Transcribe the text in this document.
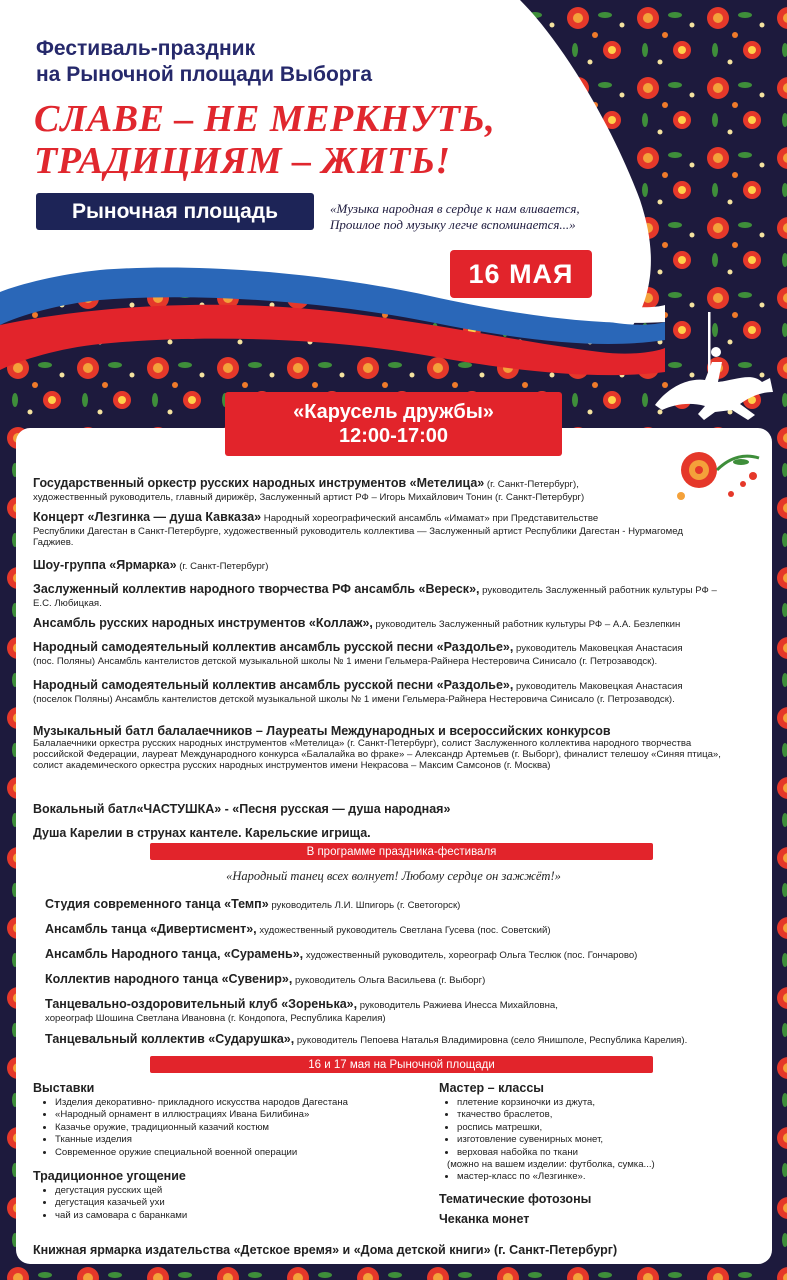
Фестиваль-праздник
на Рыночной площади Выборга
СЛАВЕ – НЕ МЕРКНУТЬ,
ТРАДИЦИЯМ – ЖИТЬ!
Рыночная площадь	«Музыка народная в сердце к нам вливается,
Прошлое под музыку легче вспоминается...»
16 МАЯ
«Карусель дружбы»
12:00-17:00
Государственный оркестр русских народных инструментов «Метелица» (г. Санкт-Петербург),
художественный руководитель, главный дирижёр, Заслуженный артист РФ – Игорь Михайлович Тонин (г. Санкт-Петербург)
Концерт «Лезгинка — душа Кавказа» Народный хореографический ансамбль «Имамат» при Представительстве
Республики Дагестан в Санкт-Петербурге, художественный руководитель коллектива — Заслуженный артист Республики Дагестан - Нурмагомед Гаджиев.
Шоу-группа «Ярмарка» (г. Санкт-Петербург)
Заслуженный коллектив народного творчества РФ ансамбль «Вереск», руководитель Заслуженный работник культуры РФ –
Е.С. Любицкая.
Ансамбль русских народных инструментов «Коллаж», руководитель Заслуженный работник культуры РФ – А.А. Безлепкин
Народный самодеятельный коллектив ансамбль русской песни «Раздолье», руководитель Маковецкая Анастасия
(пос. Поляны) Ансамбль кантелистов детской музыкальной школы № 1 имени Гельмера-Райнера Нестеровича Синисало (г. Петрозаводск).
Народный самодеятельный коллектив ансамбль русской песни «Раздолье», руководитель Маковецкая Анастасия
(поселок Поляны) Ансамбль кантелистов детской музыкальной школы № 1 имени Гельмера-Райнера Нестеровича Синисало (г. Петрозаводск).
Музыкальный батл балалаечников – Лауреаты Международных и всероссийских конкурсов
Балалаечники оркестра русских народных инструментов «Метелица» (г. Санкт-Петербург), солист Заслуженного коллектива народного творчества российской Федерации, лауреат Международного конкурса «Балалайка во фраке» – Александр Артемьев (г. Выборг), финалист телешоу «Синяя птица», солист академического оркестра русских народных инструментов имени Некрасова – Максим Самсонов (г. Москва)
Вокальный батл«ЧАСТУШКА» - «Песня русская — душа народная»
Душа Карелии в струнах кантеле. Карельские игрища.
В программе праздника-фестиваля
«Народный танец всех волнует! Любому сердце он зажжёт!»
Студия современного танца «Темп» руководитель Л.И. Шпигорь (г. Светогорск)
Ансамбль танца «Дивертисмент», художественный руководитель Светлана Гусева (пос. Советский)
Ансамбль Народного танца, «Сурамень», художественный руководитель, хореограф Ольга Теслюк (пос. Гончарово)
Коллектив народного танца «Сувенир», руководитель Ольга Васильева (г. Выборг)
Танцевально-оздоровительный клуб «Зоренька», руководитель Ражиева Инесса Михайловна,
хореограф Шошина Светлана Ивановна (г. Кондопога, Республика Карелия)
Танцевальный коллектив «Сударушка», руководитель Пепоева Наталья Владимировна (село Янишполе, Республика Карелия).
16 и 17 мая на Рыночной площади
Выставки
• Изделия декоративно- прикладного искусства народов Дагестана
• «Народный орнамент в иллюстрациях Ивана Билибина»
• Казачье оружие, традиционный казачий костюм
• Тканные изделия
• Современное оружие специальной военной операции
Традиционное угощение
• дегустация русских щей
• дегустация казачьей ухи
• чай из самовара с баранками
Мастер – классы
• плетение корзиночки из джута,
• ткачество браслетов,
• роспись матрешки,
• изготовление сувенирных монет,
• верховая набойка по ткани
(можно на вашем изделии: футболка, сумка...)
• мастер-класс по «Лезгинке».
Тематические фотозоны
Чеканка монет
Книжная ярмарка издательства «Детское время» и «Дома детской книги» (г. Санкт-Петербург)
